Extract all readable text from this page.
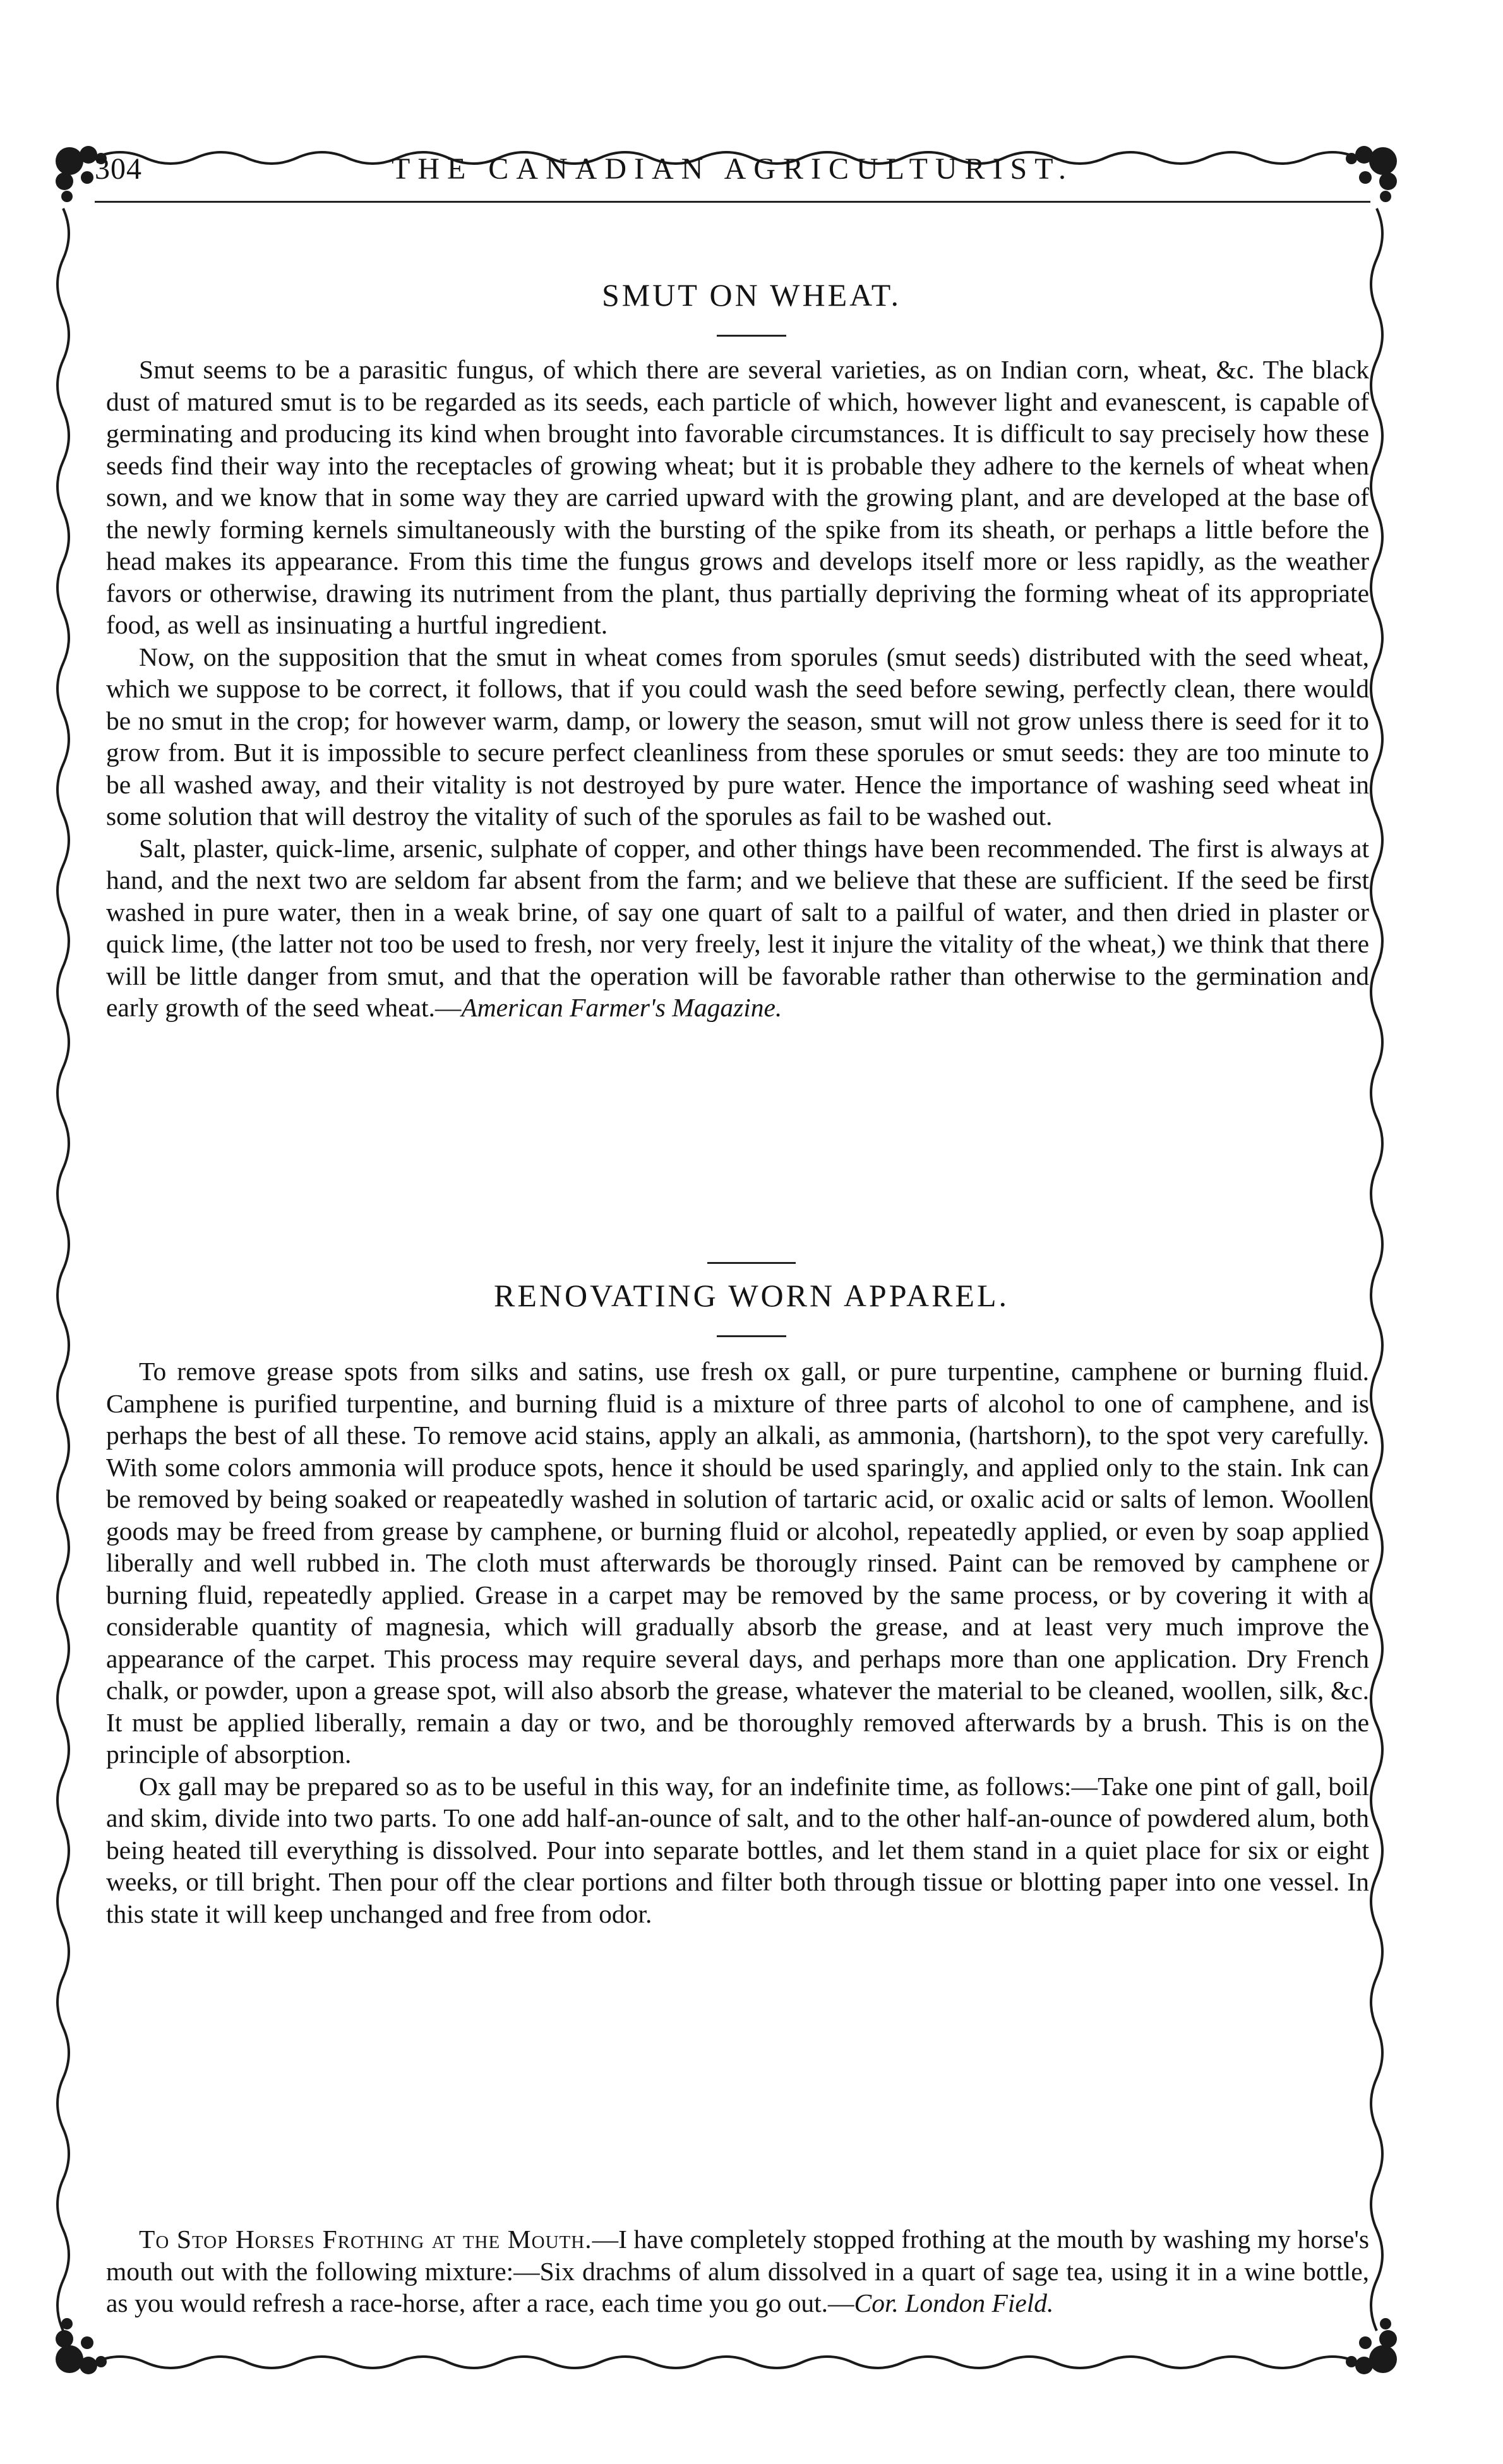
304	THE CANADIAN AGRICULTURIST.
SMUT ON WHEAT.

Smut seems to be a parasitic fungus, of which there are several varieties, as on Indian corn, wheat, &c. The black dust of matured smut is to be regarded as its seeds, each particle of which, however light and evanescent, is capable of germinating and producing its kind when brought into favorable circumstances. It is difficult to say precisely how these seeds find their way into the receptacles of growing wheat; but it is probable they adhere to the kernels of wheat when sown, and we know that in some way they are carried upward with the growing plant, and are developed at the base of the newly forming kernels simultaneously with the bursting of the spike from its sheath, or perhaps a little before the head makes its appearance. From this time the fungus grows and develops itself more or less rapidly, as the weather favors or otherwise, drawing its nutriment from the plant, thus partially depriving the forming wheat of its appropriate food, as well as insinuating a hurtful ingredient.

Now, on the supposition that the smut in wheat comes from sporules (smut seeds) distributed with the seed wheat, which we suppose to be correct, it follows, that if you could wash the seed before sewing, perfectly clean, there would be no smut in the crop; for however warm, damp, or lowery the season, smut will not grow unless there is seed for it to grow from. But it is impossible to secure perfect cleanliness from these sporules or smut seeds: they are too minute to be all washed away, and their vitality is not destroyed by pure water. Hence the importance of washing seed wheat in some solution that will destroy the vitality of such of the sporules as fail to be washed out.

Salt, plaster, quick-lime, arsenic, sulphate of copper, and other things have been recommended. The first is always at hand, and the next two are seldom far absent from the farm; and we believe that these are sufficient. If the seed be first washed in pure water, then in a weak brine, of say one quart of salt to a pailful of water, and then dried in plaster or quick lime, (the latter not too be used to fresh, nor very freely, lest it injure the vitality of the wheat,) we think that there will be little danger from smut, and that the operation will be favorable rather than otherwise to the germination and early growth of the seed wheat.—American Farmer's Magazine.

RENOVATING WORN APPAREL.

To remove grease spots from silks and satins, use fresh ox gall, or pure turpentine, camphene or burning fluid. Camphene is purified turpentine, and burning fluid is a mixture of three parts of alcohol to one of camphene, and is perhaps the best of all these. To remove acid stains, apply an alkali, as ammonia, (hartshorn), to the spot very carefully. With some colors ammonia will produce spots, hence it should be used sparingly, and applied only to the stain. Ink can be removed by being soaked or reapeatedly washed in solution of tartaric acid, or oxalic acid or salts of lemon. Woollen goods may be freed from grease by camphene, or burning fluid or alcohol, repeatedly applied, or even by soap applied liberally and well rubbed in. The cloth must afterwards be thorougly rinsed. Paint can be removed by camphene or burning fluid, repeatedly applied. Grease in a carpet may be removed by the same process, or by covering it with a considerable quantity of magnesia, which will gradually absorb the grease, and at least very much improve the appearance of the carpet. This process may require several days, and perhaps more than one application. Dry French chalk, or powder, upon a grease spot, will also absorb the grease, whatever the material to be cleaned, woollen, silk, &c. It must be applied liberally, remain a day or two, and be thoroughly removed afterwards by a brush. This is on the principle of absorption.

Ox gall may be prepared so as to be useful in this way, for an indefinite time, as follows:—Take one pint of gall, boil and skim, divide into two parts. To one add half-an-ounce of salt, and to the other half-an-ounce of powdered alum, both being heated till everything is dissolved. Pour into separate bottles, and let them stand in a quiet place for six or eight weeks, or till bright. Then pour off the clear portions and filter both through tissue or blotting paper into one vessel. In this state it will keep unchanged and free from odor.

To Stop Horses Frothing at the Mouth.—I have completely stopped frothing at the mouth by washing my horse's mouth out with the following mixture:—Six drachms of alum dissolved in a quart of sage tea, using it in a wine bottle, as you would refresh a race-horse, after a race, each time you go out.—Cor. London Field.
